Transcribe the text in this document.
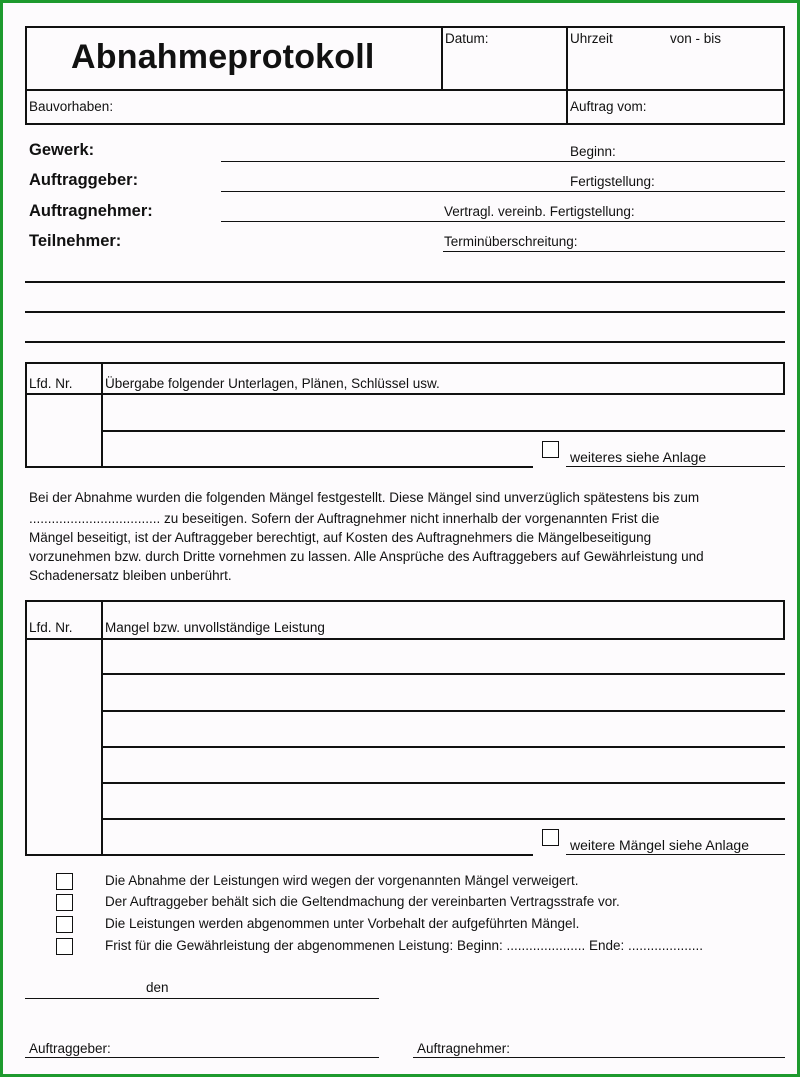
Abnahmeprotokoll	Datum:	Uhrzeit	von - bis
Bauvorhaben:	Auftrag vom:
Gewerk:
Auftraggeber:
Auftragnehmer:
Teilnehmer:
Beginn:
Fertigstellung:
Vertragl. vereinb. Fertigstellung:
Terminüberschreitung:
Lfd. Nr. Übergabe folgender Unterlagen, Plänen, Schlüssel usw.
weiteres siehe Anlage
Bei der Abnahme wurden die folgenden Mängel festgestellt. Diese Mängel sind unverzüglich spätestens bis zum
................................... zu beseitigen. Sofern der Auftragnehmer nicht innerhalb der vorgenannten Frist die
Mängel beseitigt, ist der Auftraggeber berechtigt, auf Kosten des Auftragnehmers die Mängelbeseitigung
vorzunehmen bzw. durch Dritte vornehmen zu lassen. Alle Ansprüche des Auftraggebers auf Gewährleistung und
Schadenersatz bleiben unberührt.
Lfd. Nr. Mangel bzw. unvollständige Leistung
weitere Mängel siehe Anlage
Die Abnahme der Leistungen wird wegen der vorgenannten Mängel verweigert.
Der Auftraggeber behält sich die Geltendmachung der vereinbarten Vertragsstrafe vor.
Die Leistungen werden abgenommen unter Vorbehalt der aufgeführten Mängel.
Frist für die Gewährleistung der abgenommenen Leistung: Beginn: ..................... Ende: ....................
den
Auftraggeber:	Auftragnehmer:
